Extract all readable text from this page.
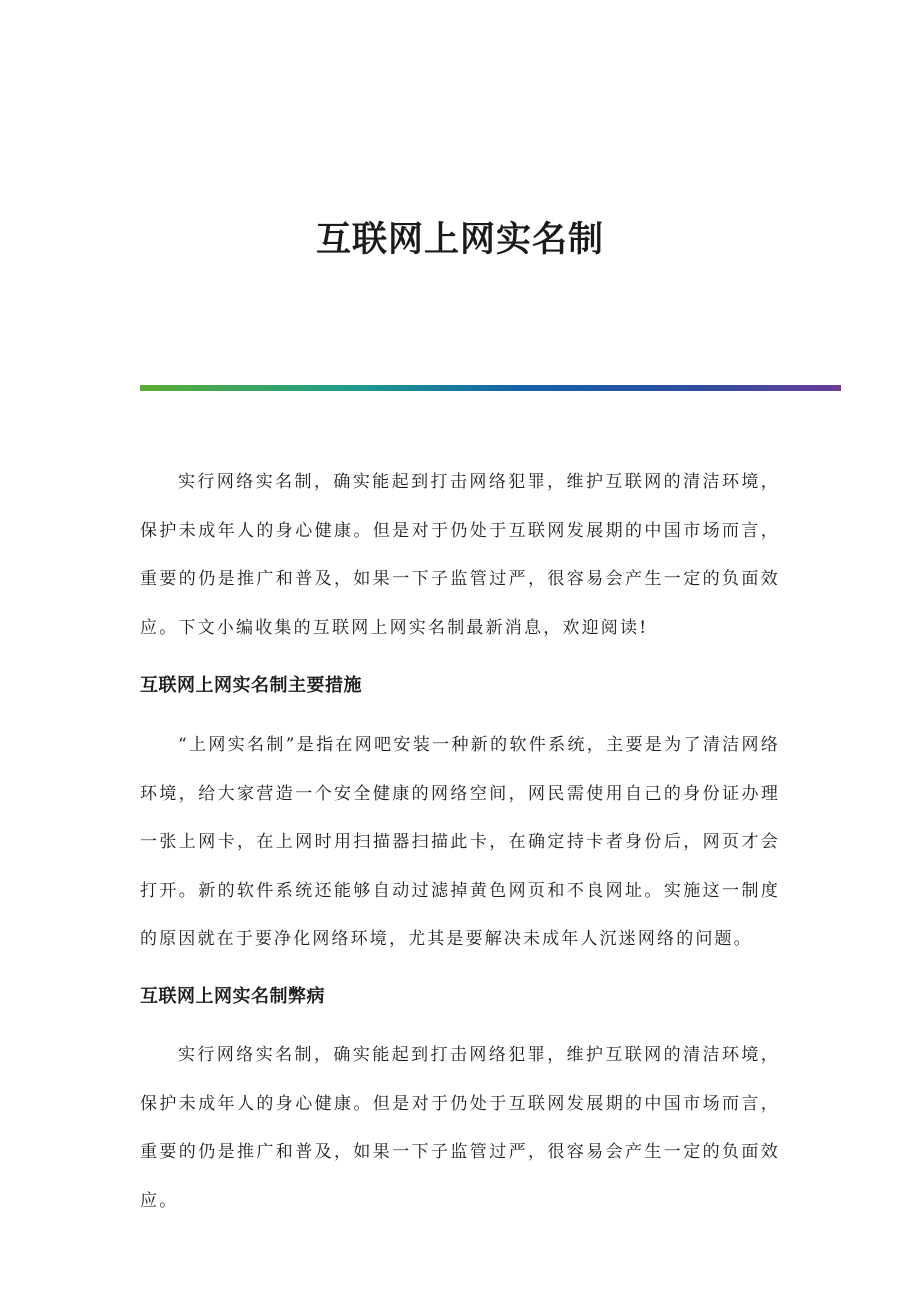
互联网上网实名制

实行网络实名制，确实能起到打击网络犯罪，维护互联网的清洁环境，保护未成年人的身心健康。但是对于仍处于互联网发展期的中国市场而言，重要的仍是推广和普及，如果一下子监管过严，很容易会产生一定的负面效应。下文小编收集的互联网上网实名制最新消息，欢迎阅读!

互联网上网实名制主要措施

“上网实名制”是指在网吧安装一种新的软件系统，主要是为了清洁网络环境，给大家营造一个安全健康的网络空间，网民需使用自己的身份证办理一张上网卡，在上网时用扫描器扫描此卡，在确定持卡者身份后，网页才会打开。新的软件系统还能够自动过滤掉黄色网页和不良网址。实施这一制度的原因就在于要净化网络环境，尤其是要解决未成年人沉迷网络的问题。

互联网上网实名制弊病

实行网络实名制，确实能起到打击网络犯罪，维护互联网的清洁环境，保护未成年人的身心健康。但是对于仍处于互联网发展期的中国市场而言，重要的仍是推广和普及，如果一下子监管过严，很容易会产生一定的负面效应。
